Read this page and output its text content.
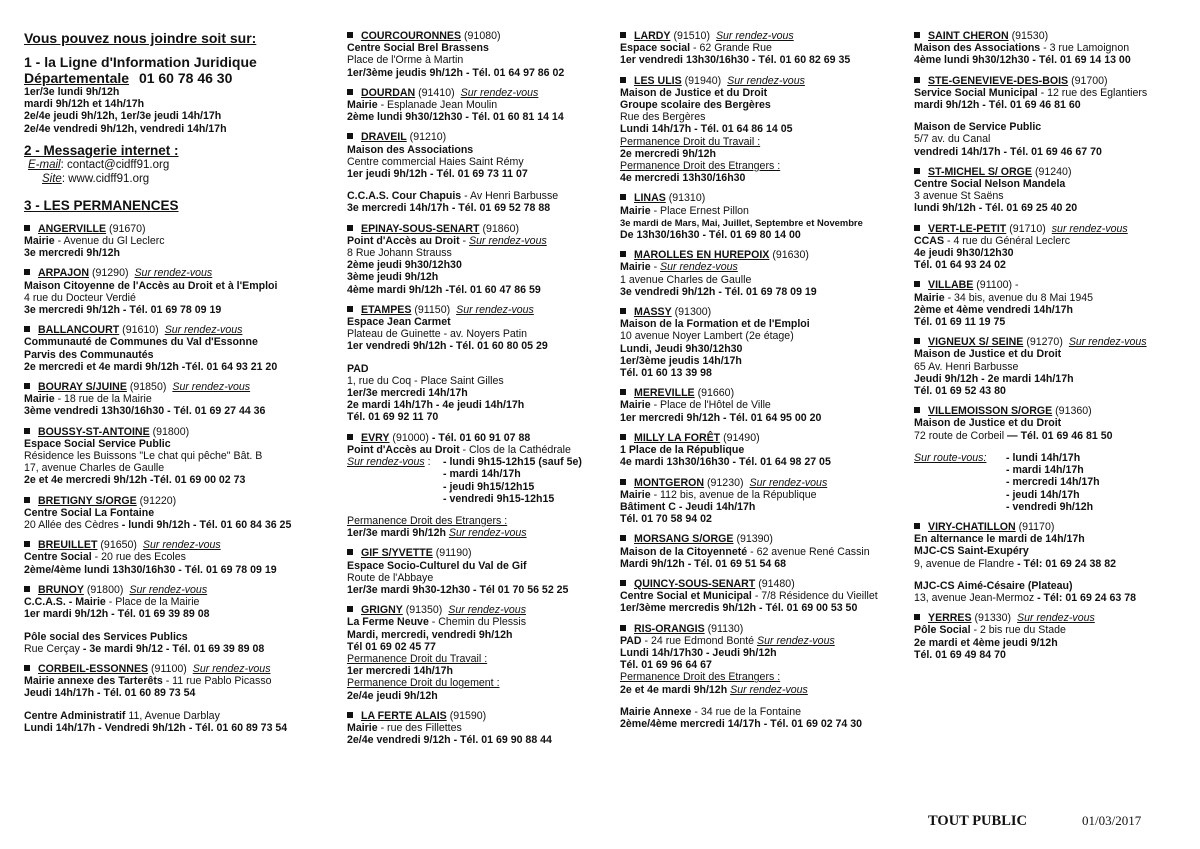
Vous pouvez nous joindre soit sur:
1 - la Ligne d'Information Juridique
Départementale 01 60 78 46 30
1er/3e lundi 9h/12h
mardi 9h/12h et 14h/17h
2e/4e jeudi 9h/12h, 1er/3e jeudi 14h/17h
2e/4e vendredi 9h/12h, vendredi 14h/17h
2 - Messagerie internet :
E-mail: contact@cidff91.org
Site: www.cidff91.org
3 - LES PERMANENCES
ANGERVILLE (91670)
Mairie - Avenue du Gl Leclerc
3e mercredi 9h/12h
ARPAJON (91290) Sur rendez-vous
Maison Citoyenne de l'Accès au Droit et à l'Emploi
4 rue du Docteur Verdié
3e mercredi 9h/12h - Tél. 01 69 78 09 19
BALLANCOURT (91610) Sur rendez-vous
Communauté de Communes du Val d'Essonne
Parvis des Communautés
2e mercredi et 4e mardi 9h/12h -Tél. 01 64 93 21 20
BOURAY S/JUINE (91850) Sur rendez-vous
Mairie - 18 rue de la Mairie
3ème vendredi 13h30/16h30 - Tél. 01 69 27 44 36
BOUSSY-ST-ANTOINE (91800)
Espace Social Service Public
Résidence les Buissons "Le chat qui pêche" Bât. B
17, avenue Charles de Gaulle
2e et 4e mercredi 9h/12h -Tél. 01 69 00 02 73
BRETIGNY S/ORGE (91220)
Centre Social La Fontaine
20 Allée des Cèdres - lundi 9h/12h - Tél. 01 60 84 36 25
BREUILLET (91650) Sur rendez-vous
Centre Social - 20 rue des Ecoles
2ème/4ème lundi 13h30/16h30 - Tél. 01 69 78 09 19
BRUNOY (91800) Sur rendez-vous
C.C.A.S. - Mairie - Place de la Mairie
1er mardi 9h/12h - Tél. 01 69 39 89 08
Pôle social des Services Publics
Rue Cerçay - 3e mardi 9h/12 - Tél. 01 69 39 89 08
CORBEIL-ESSONNES (91100) Sur rendez-vous
Mairie annexe des Tarterêts - 11 rue Pablo Picasso
Jeudi 14h/17h - Tél. 01 60 89 73 54
Centre Administratif 11, Avenue Darblay
Lundi 14h/17h - Vendredi 9h/12h - Tél. 01 60 89 73 54
COURCOURONNES (91080)
Centre Social Brel Brassens
Place de l'Orme à Martin
1er/3ème jeudis 9h/12h - Tél. 01 64 97 86 02
DOURDAN (91410) Sur rendez-vous
Mairie - Esplanade Jean Moulin
2ème lundi 9h30/12h30 - Tél. 01 60 81 14 14
DRAVEIL (91210)
Maison des Associations
Centre commercial Haies Saint Rémy
1er jeudi 9h/12h - Tél. 01 69 73 11 07
C.C.A.S. Cour Chapuis - Av Henri Barbusse
3e mercredi 14h/17h - Tél. 01 69 52 78 88
EPINAY-SOUS-SENART (91860)
Point d'Accès au Droit - Sur rendez-vous
8 Rue Johann Strauss
2ème jeudi 9h30/12h30
3ème jeudi 9h/12h
4ème mardi 9h/12h -Tél. 01 60 47 86 59
ETAMPES (91150) Sur rendez-vous
Espace Jean Carmet
Plateau de Guinette - av. Noyers Patin
1er vendredi 9h/12h - Tél. 01 60 80 05 29
PAD
1, rue du Coq - Place Saint Gilles
1er/3e mercredi 14h/17h
2e mardi 14h/17h - 4e jeudi 14h/17h
Tél. 01 69 92 11 70
EVRY (91000) - Tél. 01 60 91 07 88
Point d'Accès au Droit - Clos de la Cathédrale
Sur rendez-vous : - lundi 9h15-12h15 (sauf 5e)
- mardi 14h/17h
- jeudi 9h15/12h15
- vendredi 9h15-12h15
Permanence Droit des Etrangers :
1er/3e mardi 9h/12h Sur rendez-vous
GIF S/YVETTE (91190)
Espace Socio-Culturel du Val de Gif
Route de l'Abbaye
1er/3e mardi 9h30-12h30 - Tél 01 70 56 52 25
GRIGNY (91350) Sur rendez-vous
La Ferme Neuve - Chemin du Plessis
Mardi, mercredi, vendredi 9h/12h
Tél 01 69 02 45 77
Permanence Droit du Travail :
1er mercredi 14h/17h
Permanence Droit du logement :
2e/4e jeudi 9h/12h
LA FERTE ALAIS (91590)
Mairie - rue des Fillettes
2e/4e vendredi 9/12h - Tél. 01 69 90 88 44
LARDY (91510) Sur rendez-vous
Espace social - 62 Grande Rue
1er vendredi 13h30/16h30 - Tél. 01 60 82 69 35
LES ULIS (91940) Sur rendez-vous
Maison de Justice et du Droit
Groupe scolaire des Bergères
Rue des Bergères
Lundi 14h/17h - Tél. 01 64 86 14 05
Permanence Droit du Travail :
2e mercredi 9h/12h
Permanence Droit des Etrangers :
4e mercredi 13h30/16h30
LINAS (91310)
Mairie - Place Ernest Pillon
3e mardi de Mars, Mai, Juillet, Septembre et Novembre
De 13h30/16h30 - Tél. 01 69 80 14 00
MAROLLES EN HUREPOIX (91630)
Mairie - Sur rendez-vous
1 avenue Charles de Gaulle
3e vendredi 9h/12h - Tél. 01 69 78 09 19
MASSY (91300)
Maison de la Formation et de l'Emploi
10 avenue Noyer Lambert (2e étage)
Lundi, Jeudi 9h30/12h30
1er/3ème jeudis 14h/17h
Tél. 01 60 13 39 98
MEREVILLE (91660)
Mairie - Place de l'Hôtel de Ville
1er mercredi 9h/12h - Tél. 01 64 95 00 20
MILLY LA FORÊT (91490)
1 Place de la République
4e mardi 13h30/16h30 - Tél. 01 64 98 27 05
MONTGERON (91230) Sur rendez-vous
Mairie - 112 bis, avenue de la République
Bâtiment C - Jeudi 14h/17h
Tél. 01 70 58 94 02
MORSANG S/ORGE (91390)
Maison de la Citoyenneté - 62 avenue René Cassin
Mardi 9h/12h - Tél. 01 69 51 54 68
QUINCY-SOUS-SENART (91480)
Centre Social et Municipal - 7/8 Résidence du Vieillet
1er/3ème mercredis 9h/12h - Tél. 01 69 00 53 50
RIS-ORANGIS (91130)
PAD - 24 rue Edmond Bonté Sur rendez-vous
Lundi 14h/17h30 - Jeudi 9h/12h
Tél. 01 69 96 64 67
Permanence Droit des Etrangers :
2e et 4e mardi 9h/12h Sur rendez-vous
Mairie Annexe - 34 rue de la Fontaine
2ème/4ème mercredi 14/17h - Tél. 01 69 02 74 30
SAINT CHERON (91530)
Maison des Associations - 3 rue Lamoignon
4ème lundi 9h30/12h30 - Tél. 01 69 14 13 00
STE-GENEVIEVE-DES-BOIS (91700)
Service Social Municipal - 12 rue des Eglantiers
mardi 9h/12h - Tél. 01 69 46 81 60
Maison de Service Public
5/7 av. du Canal
vendredi 14h/17h - Tél. 01 69 46 67 70
ST-MICHEL S/ ORGE (91240)
Centre Social Nelson Mandela
3 avenue St Saëns
lundi 9h/12h - Tél. 01 69 25 40 20
VERT-LE-PETIT (91710) sur rendez-vous
CCAS - 4 rue du Général Leclerc
4e jeudi 9h30/12h30
Tél. 01 64 93 24 02
VILLABE (91100) -
Mairie - 34 bis, avenue du 8 Mai 1945
2ème et 4ème vendredi 14h/17h
Tél. 01 69 11 19 75
VIGNEUX S/ SEINE (91270) Sur rendez-vous
Maison de Justice et du Droit
65 Av. Henri Barbusse
Jeudi 9h/12h - 2e mardi 14h/17h
Tél. 01 69 52 43 80
VILLEMOISSON S/ORGE (91360)
Maison de Justice et du Droit
72 route de Corbeil — Tél. 01 69 46 81 50
Sur route-vous: - lundi 14h/17h
- mardi 14h/17h
- mercredi 14h/17h
- jeudi 14h/17h
- vendredi 9h/12h
VIRY-CHATILLON (91170)
En alternance le mardi de 14h/17h
MJC-CS Saint-Exupéry
9, avenue de Flandre - Tél: 01 69 24 38 82
MJC-CS Aimé-Césaire (Plateau)
13, avenue Jean-Mermoz - Tél: 01 69 24 63 78
YERRES (91330) Sur rendez-vous
Pôle Social - 2 bis rue du Stade
2e mardi et 4ème jeudi 9/12h
Tél. 01 69 49 84 70
TOUT PUBLIC	01/03/2017
